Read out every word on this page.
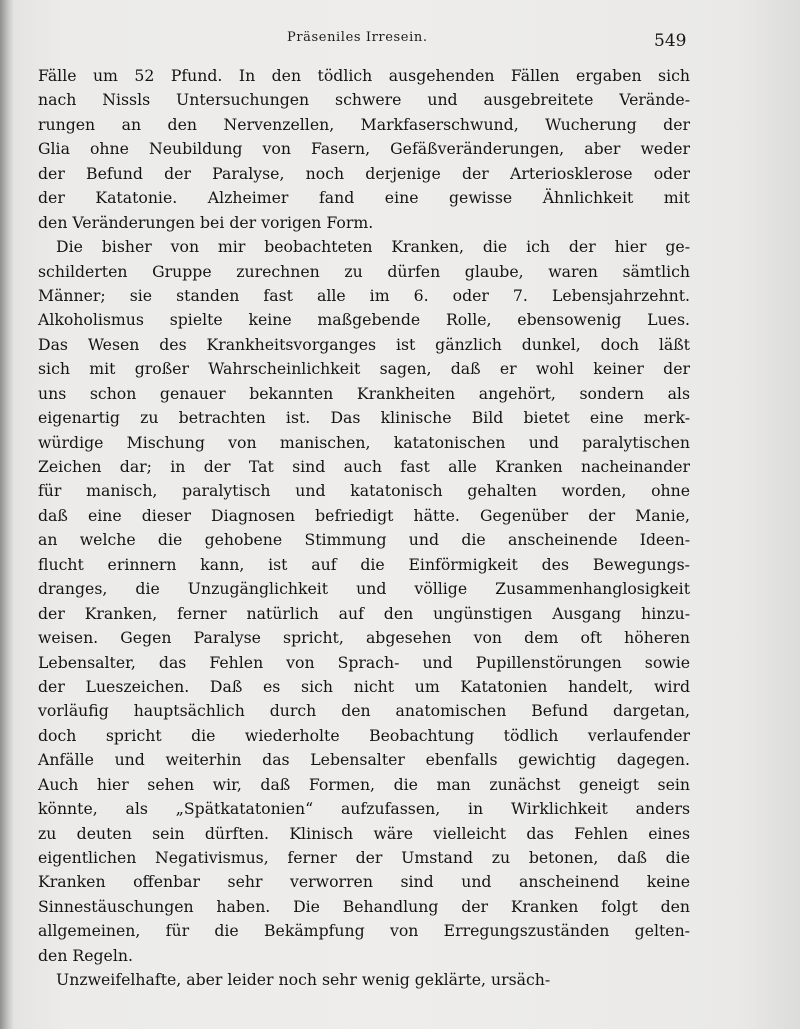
Präseniles Irresein.	549
Fälle um 52 Pfund. In den tödlich ausgehenden Fällen ergaben sich
nach Nissls Untersuchungen schwere und ausgebreitete Verände-
rungen an den Nervenzellen, Markfaserschwund, Wucherung der
Glia ohne Neubildung von Fasern, Gefäßveränderungen, aber weder
der Befund der Paralyse, noch derjenige der Arteriosklerose oder
der Katatonie. Alzheimer fand eine gewisse Ähnlichkeit mit
den Veränderungen bei der vorigen Form.
Die bisher von mir beobachteten Kranken, die ich der hier ge-
schilderten Gruppe zurechnen zu dürfen glaube, waren sämtlich
Männer; sie standen fast alle im 6. oder 7. Lebensjahrzehnt.
Alkoholismus spielte keine maßgebende Rolle, ebensowenig Lues.
Das Wesen des Krankheitsvorganges ist gänzlich dunkel, doch läßt
sich mit großer Wahrscheinlichkeit sagen, daß er wohl keiner der
uns schon genauer bekannten Krankheiten angehört, sondern als
eigenartig zu betrachten ist. Das klinische Bild bietet eine merk-
würdige Mischung von manischen, katatonischen und paralytischen
Zeichen dar; in der Tat sind auch fast alle Kranken nacheinander
für manisch, paralytisch und katatonisch gehalten worden, ohne
daß eine dieser Diagnosen befriedigt hätte. Gegenüber der Manie,
an welche die gehobene Stimmung und die anscheinende Ideen-
flucht erinnern kann, ist auf die Einförmigkeit des Bewegungs-
dranges, die Unzugänglichkeit und völlige Zusammenhanglosigkeit
der Kranken, ferner natürlich auf den ungünstigen Ausgang hinzu-
weisen. Gegen Paralyse spricht, abgesehen von dem oft höheren
Lebensalter, das Fehlen von Sprach- und Pupillenstörungen sowie
der Lueszeichen. Daß es sich nicht um Katatonien handelt, wird
vorläufig hauptsächlich durch den anatomischen Befund dargetan,
doch spricht die wiederholte Beobachtung tödlich verlaufender
Anfälle und weiterhin das Lebensalter ebenfalls gewichtig dagegen.
Auch hier sehen wir, daß Formen, die man zunächst geneigt sein
könnte, als „Spätkatatonien“ aufzufassen, in Wirklichkeit anders
zu deuten sein dürften. Klinisch wäre vielleicht das Fehlen eines
eigentlichen Negativismus, ferner der Umstand zu betonen, daß die
Kranken offenbar sehr verworren sind und anscheinend keine
Sinnestäuschungen haben. Die Behandlung der Kranken folgt den
allgemeinen, für die Bekämpfung von Erregungszuständen gelten-
den Regeln.
Unzweifelhafte, aber leider noch sehr wenig geklärte, ursäch-
